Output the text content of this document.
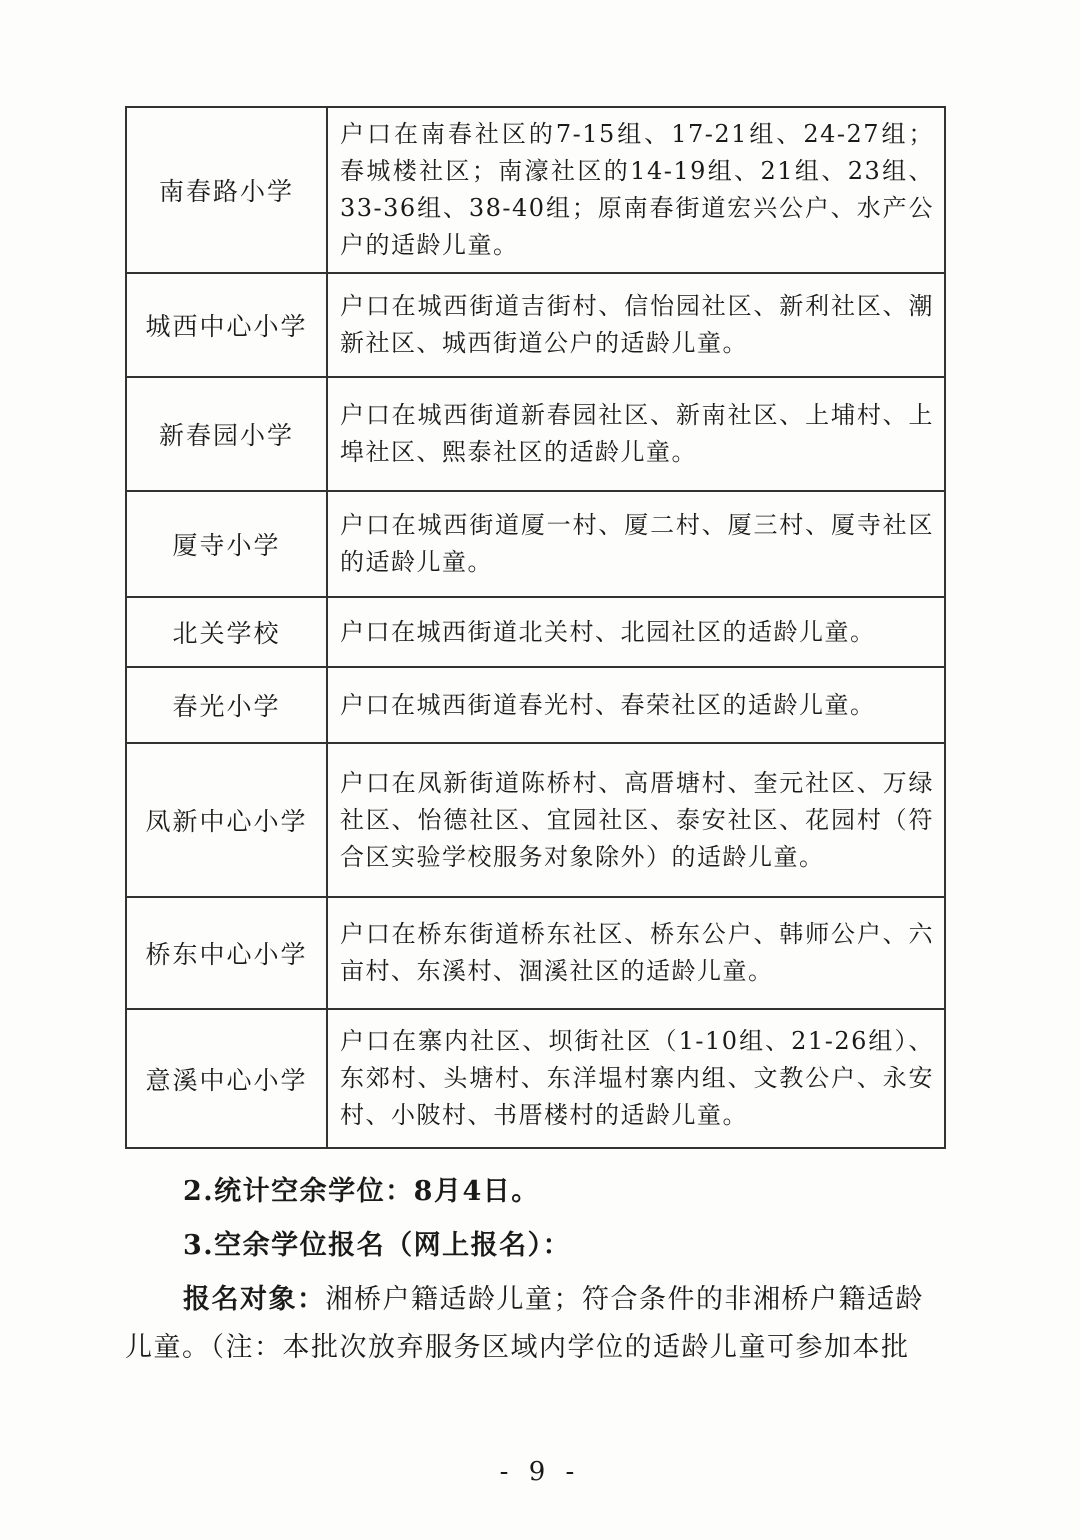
南春路小学	户口在南春社区的7-15组、17-21组、24-27组；春城楼社区；南濠社区的14-19组、21组、23组、33-36组、38-40组；原南春街道宏兴公户、水产公户的适龄儿童。
城西中心小学	户口在城西街道吉街村、信怡园社区、新利社区、潮新社区、城西街道公户的适龄儿童。
新春园小学	户口在城西街道新春园社区、新南社区、上埔村、上埠社区、熙泰社区的适龄儿童。
厦寺小学	户口在城西街道厦一村、厦二村、厦三村、厦寺社区的适龄儿童。
北关学校	户口在城西街道北关村、北园社区的适龄儿童。
春光小学	户口在城西街道春光村、春荣社区的适龄儿童。
凤新中心小学	户口在凤新街道陈桥村、高厝塘村、奎元社区、万绿社区、怡德社区、宜园社区、泰安社区、花园村（符合区实验学校服务对象除外）的适龄儿童。
桥东中心小学	户口在桥东街道桥东社区、桥东公户、韩师公户、六亩村、东溪村、涸溪社区的适龄儿童。
意溪中心小学	户口在寨内社区、坝街社区（1-10组、21-26组）、东郊村、头塘村、东洋塭村寨内组、文教公户、永安村、小陂村、书厝楼村的适龄儿童。
2.统计空余学位：8月4日。
3.空余学位报名（网上报名）：
报名对象：湘桥户籍适龄儿童；符合条件的非湘桥户籍适龄儿童。（注：本批次放弃服务区域内学位的适龄儿童可参加本批
- 9 -
